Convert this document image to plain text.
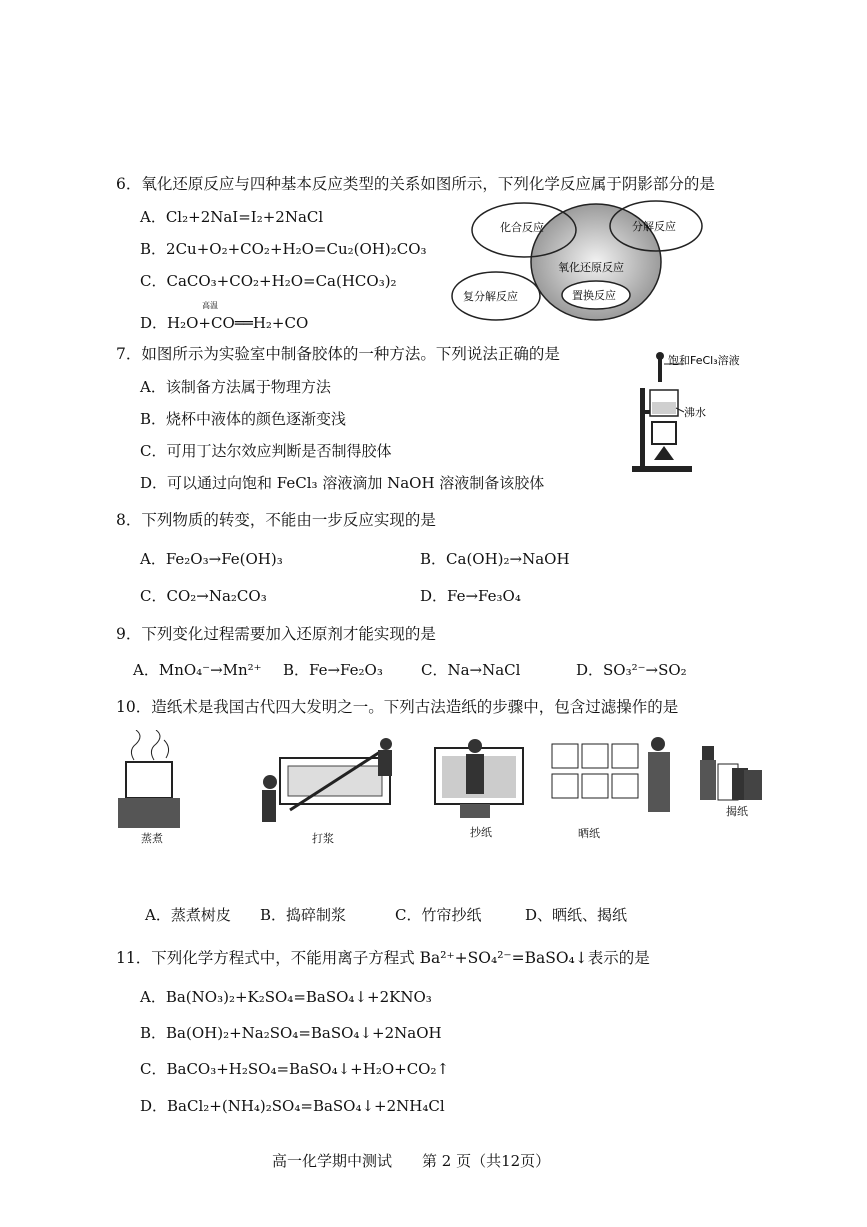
6．氧化还原反应与四种基本反应类型的关系如图所示，下列化学反应属于阴影部分的是
A．Cl₂+2NaI=I₂+2NaCl
B．2Cu+O₂+CO₂+H₂O=Cu₂(OH)₂CO₃
C．CaCO₃+CO₂+H₂O=Ca(HCO₃)₂
高温
D．H₂O+CO══H₂+CO
化合反应	分解反应
氧化还原反应
复分解反应	置换反应
7．如图所示为实验室中制备胶体的一种方法。下列说法正确的是
A．该制备方法属于物理方法
B．烧杯中液体的颜色逐渐变浅
C．可用丁达尔效应判断是否制得胶体
D．可以通过向饱和 FeCl₃ 溶液滴加 NaOH 溶液制备该胶体
饱和FeCl₃溶液
沸水
8．下列物质的转变，不能由一步反应实现的是
A．Fe₂O₃→Fe(OH)₃	B．Ca(OH)₂→NaOH
C．CO₂→Na₂CO₃	D．Fe→Fe₃O₄
9．下列变化过程需要加入还原剂才能实现的是
A．MnO₄⁻→Mn²⁺ B．Fe→Fe₂O₃	C．Na→NaCl	D．SO₃²⁻→SO₂
10．造纸术是我国古代四大发明之一。下列古法造纸的步骤中，包含过滤操作的是
蒸煮	打浆	抄纸	晒纸
揭纸
A．蒸煮树皮 B．捣碎制浆	C．竹帘抄纸	D、晒纸、揭纸
11．下列化学方程式中，不能用离子方程式 Ba²⁺+SO₄²⁻=BaSO₄↓表示的是
A．Ba(NO₃)₂+K₂SO₄=BaSO₄↓+2KNO₃
B．Ba(OH)₂+Na₂SO₄=BaSO₄↓+2NaOH
C．BaCO₃+H₂SO₄=BaSO₄↓+H₂O+CO₂↑
D．BaCl₂+(NH₄)₂SO₄=BaSO₄↓+2NH₄Cl
高一化学期中测试　　第 2 页（共12页）
